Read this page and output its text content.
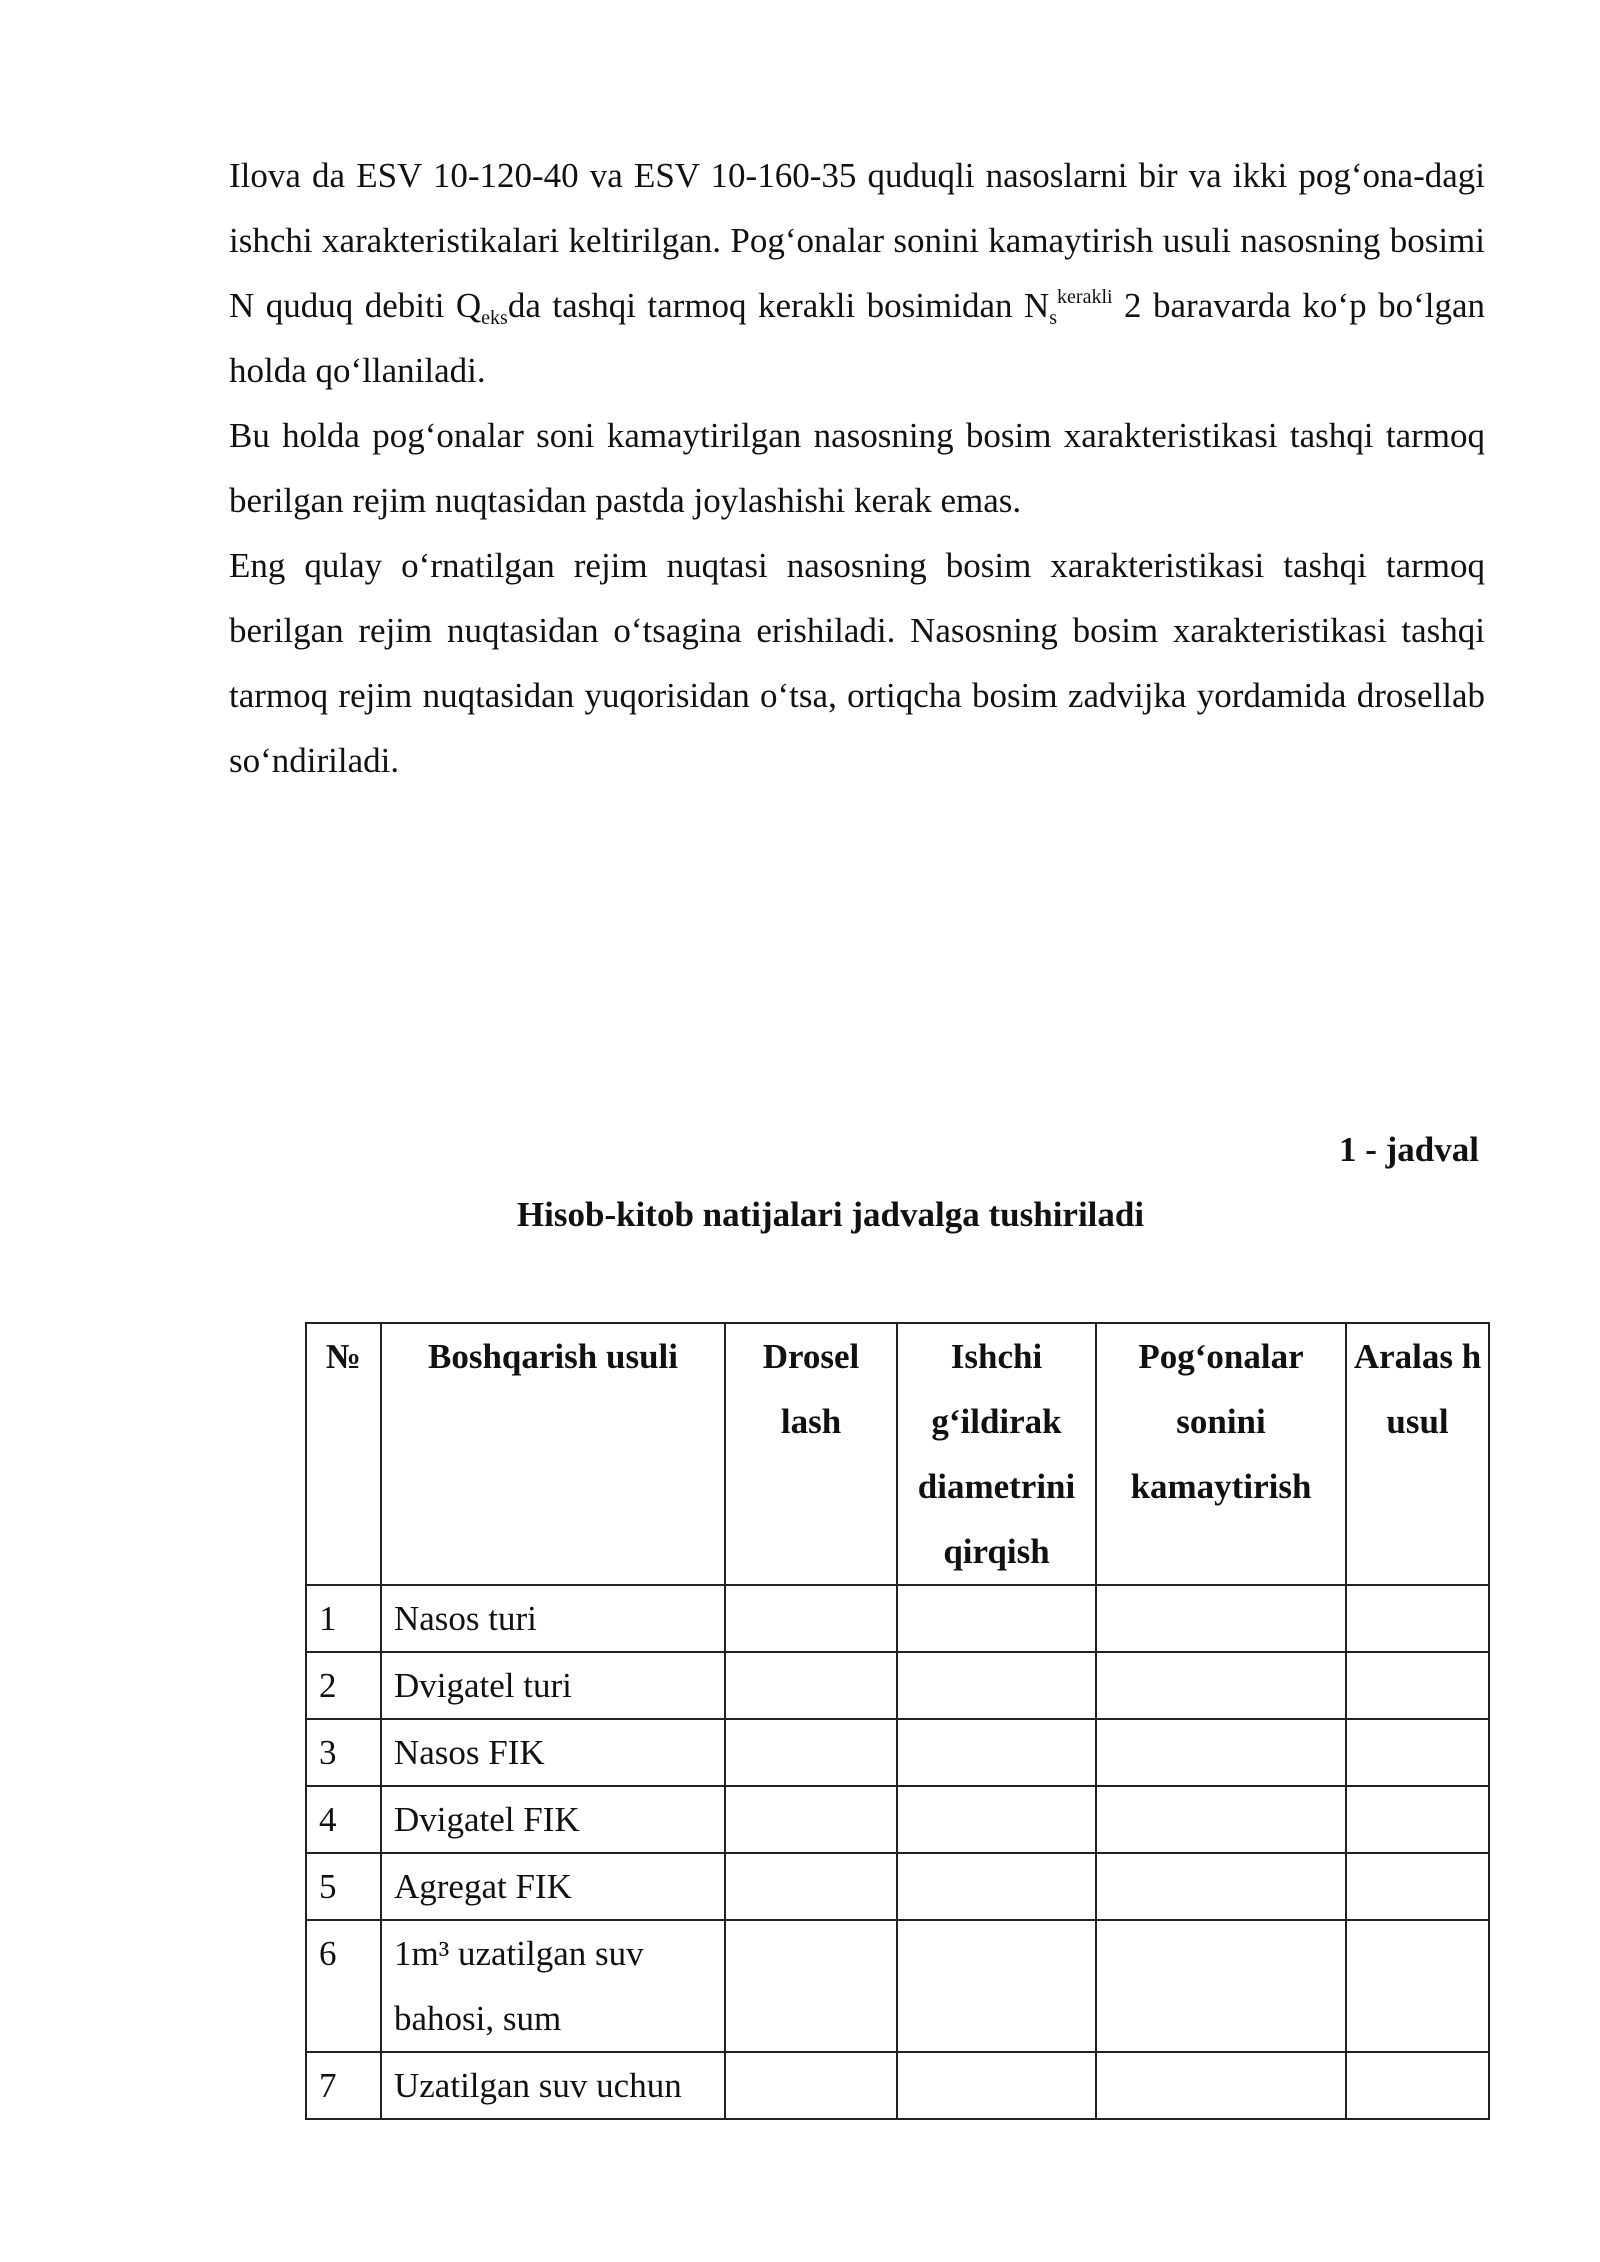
Ilova da ESV 10-120-40 va ESV 10-160-35 quduqli nasoslarni bir va ikki pog‘ona-dagi ishchi xarakteristikalari keltirilgan. Pog‘onalar sonini kamaytirish usuli nasosning bosimi N quduq debiti $Q_{eks}da$ tashqi tarmoq kerakli bosimidan $N_s^{kerakli}$ 2 baravarda ko‘p bo‘lgan holda qo‘llaniladi.

Bu holda pog‘onalar soni kamaytirilgan nasosning bosim xarakteristikasi tashqi tarmoq berilgan rejim nuqtasidan pastda joylashishi kerak emas.

Eng qulay o‘rnatilgan rejim nuqtasi nasosning bosim xarakteristikasi tashqi tarmoq berilgan rejim nuqtasidan o‘tsagina erishiladi. Nasosning bosim xarakteristikasi tashqi tarmoq rejim nuqtasidan yuqorisidan o‘tsa, ortiqcha bosim zadvijka yordamida drosellab so‘ndiriladi.

1 - jadval
Hisob-kitob natijalari jadvalga tushiriladi
№	Boshqarish usuli	Drosel lash	Ishchi g‘ildirak diametrini qirqish	Pog‘onalar sonini kamaytirish	Aralas h usul
1	Nasos turi				
2	Dvigatel turi				
3	Nasos FIK				
4	Dvigatel FIK				
5	Agregat FIK				
6	1m³ uzatilgan suv bahosi, sum				
7	Uzatilgan suv uchun				
